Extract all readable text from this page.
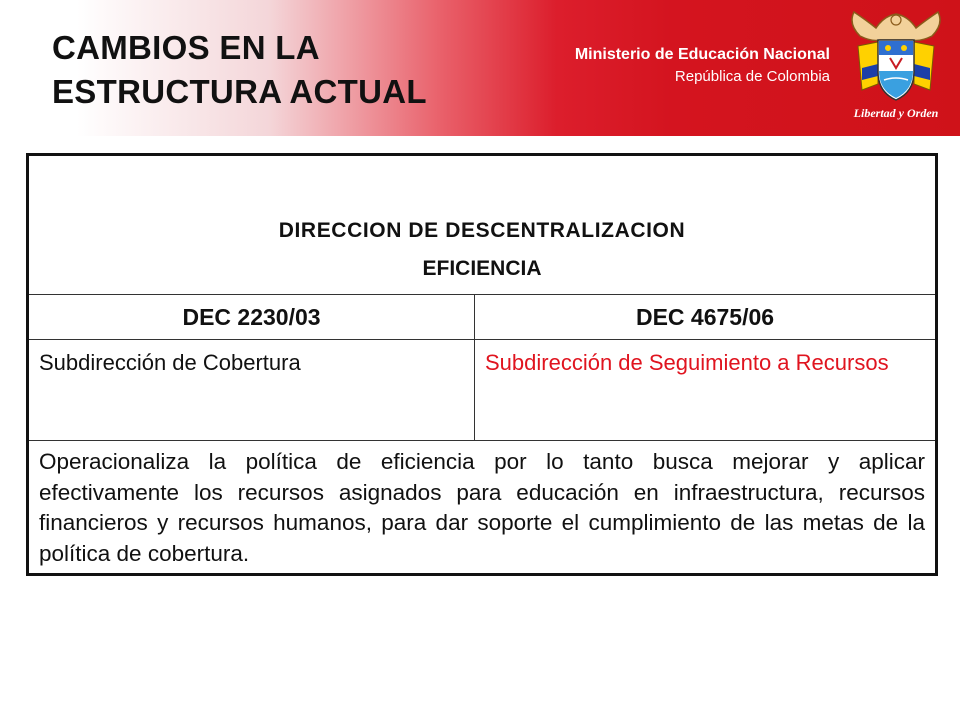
CAMBIOS EN LA
ESTRUCTURA ACTUAL
Ministerio de Educación Nacional
República de Colombia
Libertad y Orden
DIRECCION DE DESCENTRALIZACION
EFICIENCIA	

DEC 2230/03	DEC 4675/06
Subdirección de Cobertura	Subdirección de Seguimiento a Recursos
Operacionaliza la política de eficiencia por lo tanto busca mejorar y aplicar efectivamente los recursos asignados para educación en infraestructura, recursos financieros y recursos humanos, para dar soporte el cumplimiento de las metas de la política de cobertura.	
